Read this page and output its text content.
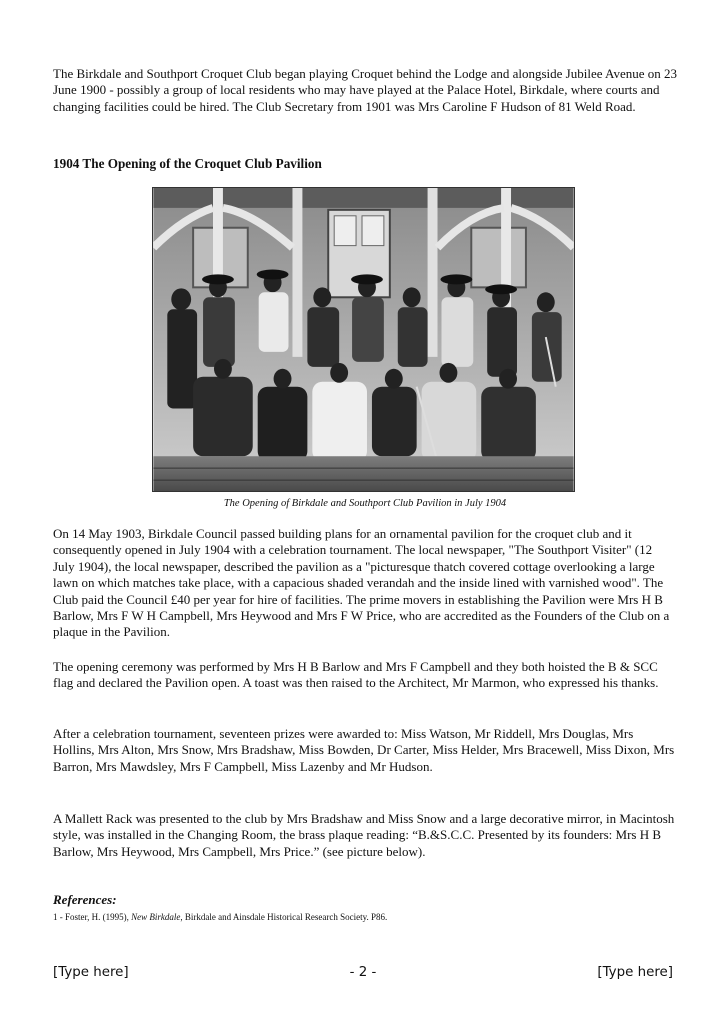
The Birkdale and Southport Croquet Club began playing Croquet behind the Lodge and alongside Jubilee Avenue on 23 June 1900 - possibly a group of local residents who may have played at the Palace Hotel, Birkdale, where courts and changing facilities could be hired. The Club Secretary from 1901 was Mrs Caroline F Hudson of 81 Weld Road.

1904 The Opening of the Croquet Club Pavilion

The Opening of Birkdale and Southport Club Pavilion in July 1904

On 14 May 1903, Birkdale Council passed building plans for an ornamental pavilion for the croquet club and it consequently opened in July 1904 with a celebration tournament. The local newspaper, "The Southport Visiter" (12 July 1904), the local newspaper, described the pavilion as a "picturesque thatch covered cottage overlooking a large lawn on which matches take place, with a capacious shaded verandah and the inside lined with varnished wood". The Club paid the Council £40 per year for hire of facilities. The prime movers in establishing the Pavilion were Mrs H B Barlow, Mrs F W H Campbell, Mrs Heywood and Mrs F W Price, who are accredited as the Founders of the Club on a plaque in the Pavilion.

The opening ceremony was performed by Mrs H B Barlow and Mrs F Campbell and they both hoisted the B & SCC flag and declared the Pavilion open. A toast was then raised to the Architect, Mr Marmon, who expressed his thanks.

After a celebration tournament, seventeen prizes were awarded to: Miss Watson, Mr Riddell, Mrs Douglas, Mrs Hollins, Mrs Alton, Mrs Snow, Mrs Bradshaw, Miss Bowden, Dr Carter, Miss Helder, Mrs Bracewell, Miss Dixon, Mrs Barron, Mrs Mawdsley, Mrs F Campbell, Miss Lazenby and Mr Hudson.

A Mallett Rack was presented to the club by Mrs Bradshaw and Miss Snow and a large decorative mirror, in Macintosh style, was installed in the Changing Room, the brass plaque reading: “B.&S.C.C. Presented by its founders: Mrs H B Barlow, Mrs Heywood, Mrs Campbell, Mrs Price.” (see picture below).

References:

1 - Foster, H. (1995), New Birkdale, Birkdale and Ainsdale Historical Research Society. P86.

[Type here]	- 2 -	[Type here]
